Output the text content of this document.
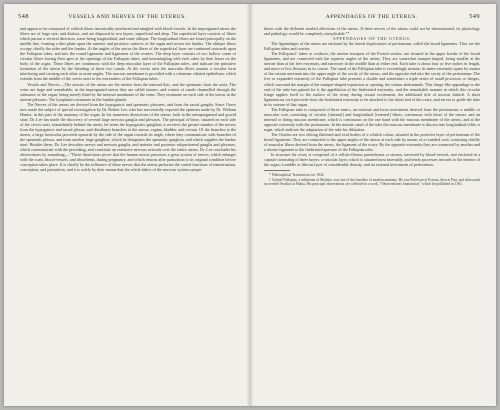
548	VESSELS AND NERVES OF THE UTERUS.

and appear to be composed of whitish fibres inextricably interlaced and mingled with blood-vessels. In the impregnated uterus the fibres are of large size, and distinct, and are disposed in two layers, superficial and deep. The superficial layer consists of fibres which pursue a vertical direction, some being longitudinal, and some oblique. The longitudinal fibres are found principally on the middle line, forming a thin plane upon the anterior and posterior surfaces of the organ and across the fundus. The oblique fibres occupy chiefly the sides and the fundus. At the angles of the uterus the fibres of the superficial layer are continued outwards upon the Fallopian tubes, and into the round ligaments and ligaments of the ovaries. The deep layer consists of two hollow cones of circular fibres having their apex at the openings of the Fallopian tubes, and intermingling with each other by their bases on the body of the organ. These fibres are continuous with the deep muscular layer of the Fallopian tubes, and indicate the primitive formation of the uterus by the blending of these two canals. At the cervix uteri the muscular fibres assume a circular form interlacing and crossing each other at acute angles. The mucous membrane is provided with a columnar ciliated epithelium, which extends from the middle of the cervix uteri to the extremities of the Fallopian tubes.

Vessels and Nerves.—The arteries of the uterus are the uterine from the internal iliac, and the spermatic from the aorta. The veins are large and remarkable; in the impregnated uterus they are called sinuses, and consist of canals channelled through the substance of the organ, being merely lined by the internal membrane of the veins. They terminate on each side of the uterus in the uterine plexuses. The lymphatics terminate in the lumbar glands.

The Nerves of the uterus are derived from the hypogastric and spermatic plexuses, and from the sacral ganglia. Since I have now made the subject of special investigation by Dr. Robert Lee, who has successfully exposed the opinions made by Dr. William Hunter, in this part of the anatomy of the organ. In his numerous dissections of the uterus, both in the unimpregnated and gravid state, Dr. Lee has made the discovery of several large nervous ganglia and plexuses. The principal of these, situated on each side of the cervix uteri, immediately behind the ureter, he terms the hypogastric ganglion; it receives the greater number of the nerves from the hypogastric and sacral plexus, and distributes branches to the uterus, vagina, bladder, and rectum. Of the branches to the uterus, a large fasciculus proceeds upwards by the side of the organ towards its angle, where they communicate with branches of the spermatic plexus, and form another large ganglion, which he designates the spermatic ganglion, and which supplies the fundus uteri. Besides these, Dr. Lee describes nerves and nervous ganglia, and anterior and posterior subperitoneal ganglia and plexuses, which communicate with the preceding, and constitute an extensive nervous network over the entire uterus. Dr. Lee concludes his observations by remarking,—"These dissections prove that the human uterus possesses a great system of nerves, which enlarges with the coats, blood-vessels, and absorbents, during pregnancy, and which returns after parturition to its original condition before conception takes place. It is chiefly by the influence of these nerves that the uterus performs the varied functions of menstruation, conception, and parturition, and it is solely by their means that the whole fabric of the nervous system sympa-

APPENDAGES OF THE UTERUS.	549

thizes with the different morbid affections of the uterus. If these nerves of the uterus could not be demonstrated, its physiology and pathology would be completely inexplicable."*

APPENDAGES OF THE UTERUS.

The Appendages of the uterus are enclosed by the lateral duplicatures of peritoneum, called the broad ligaments. They are the Fallopian tubes and ovaries.

The Fallopian† tubes or oviducts, the uterine trumpets of the French writers, are situated in the upper border of the broad ligaments, and are connected with the superior angles of the uterus. They are somewhat trumpet-shaped, being smaller at the uterine than at the free extremity, and narrower in the middle than at either end. Each tube is about four or five inches in length, and more or less flexuous in its course. The canal of the Fallopian tube is exceedingly minute; its inner extremity opens by means of the ostium uterinum into the upper angle of the cavity of the uterus, and the opposite end into the cavity of the peritoneum. The free or expanded extremity of the Fallopian tube presents a double and sometimes a triple series of small processes or fringes, which surround the margin of the trumpet-shaped expansion or opening, the ostium abdominale. This fringe-like appendage to the end of the tube has gained for it the appellation of the fimbriated extremity; and the remarkable manner in which this circular fringe applies itself to the surface of the ovary during sexual excitement, the additional title of morsus diaboli. A short ligamentous cord proceeds from the fimbriated extremity to be attached to the distal end of the ovary, and serves to guide the tube in its seizure of that organ.

The Fallopian tube is composed of three tunics, an external and loose investment derived from the peritoneum; a middle or muscular coat, consisting of circular [internal] and longitudinal [external] fibres, continuous with those of the uterus; and an internal or lining mucous membrane, which is continuous on the one hand with the mucous membrane of the uterus, and at the opposite extremity with the peritoneum. In the minute canal of the tube the mucous membrane is thrown into longitudinal folds or rugæ, which indicate the adaptation of the tube for dilatation.

The Ovaries are two oblong flattened and oval bodies of a whitish colour, situated in the posterior layer of peritoneum of the broad ligaments. They are connected to the upper angles of the uterus at each side by means of a rounded cord, consisting chiefly of muscular fibres derived from the uterus, the ligament of the ovary. By the opposite extremity they are connected by another and a shorter ligament to the fimbriated aperture of the Fallopian tube.

In structure the ovary is composed of a cellulo-fibrous parenchyma or stroma, traversed by blood-vessels, and enclosed in a capsule consisting of three layers: a vascular layer, which is situated most internally, and sends processes inwards to the interior of the organ; a middle or fibrous layer of considerable density, and an external investment of peritoneum.

* Philosophical Transactions for 1842.

† Gabriel Fallopius, a nobleman of Modena, was one of the founders of modern anatomy. He was Professor at Ferrara, then at Pisa, and afterwards succeeded Vesalius at Padua. His principal observations are collected in a work, "Observationes Anatomicæ," which he published in 1561.
